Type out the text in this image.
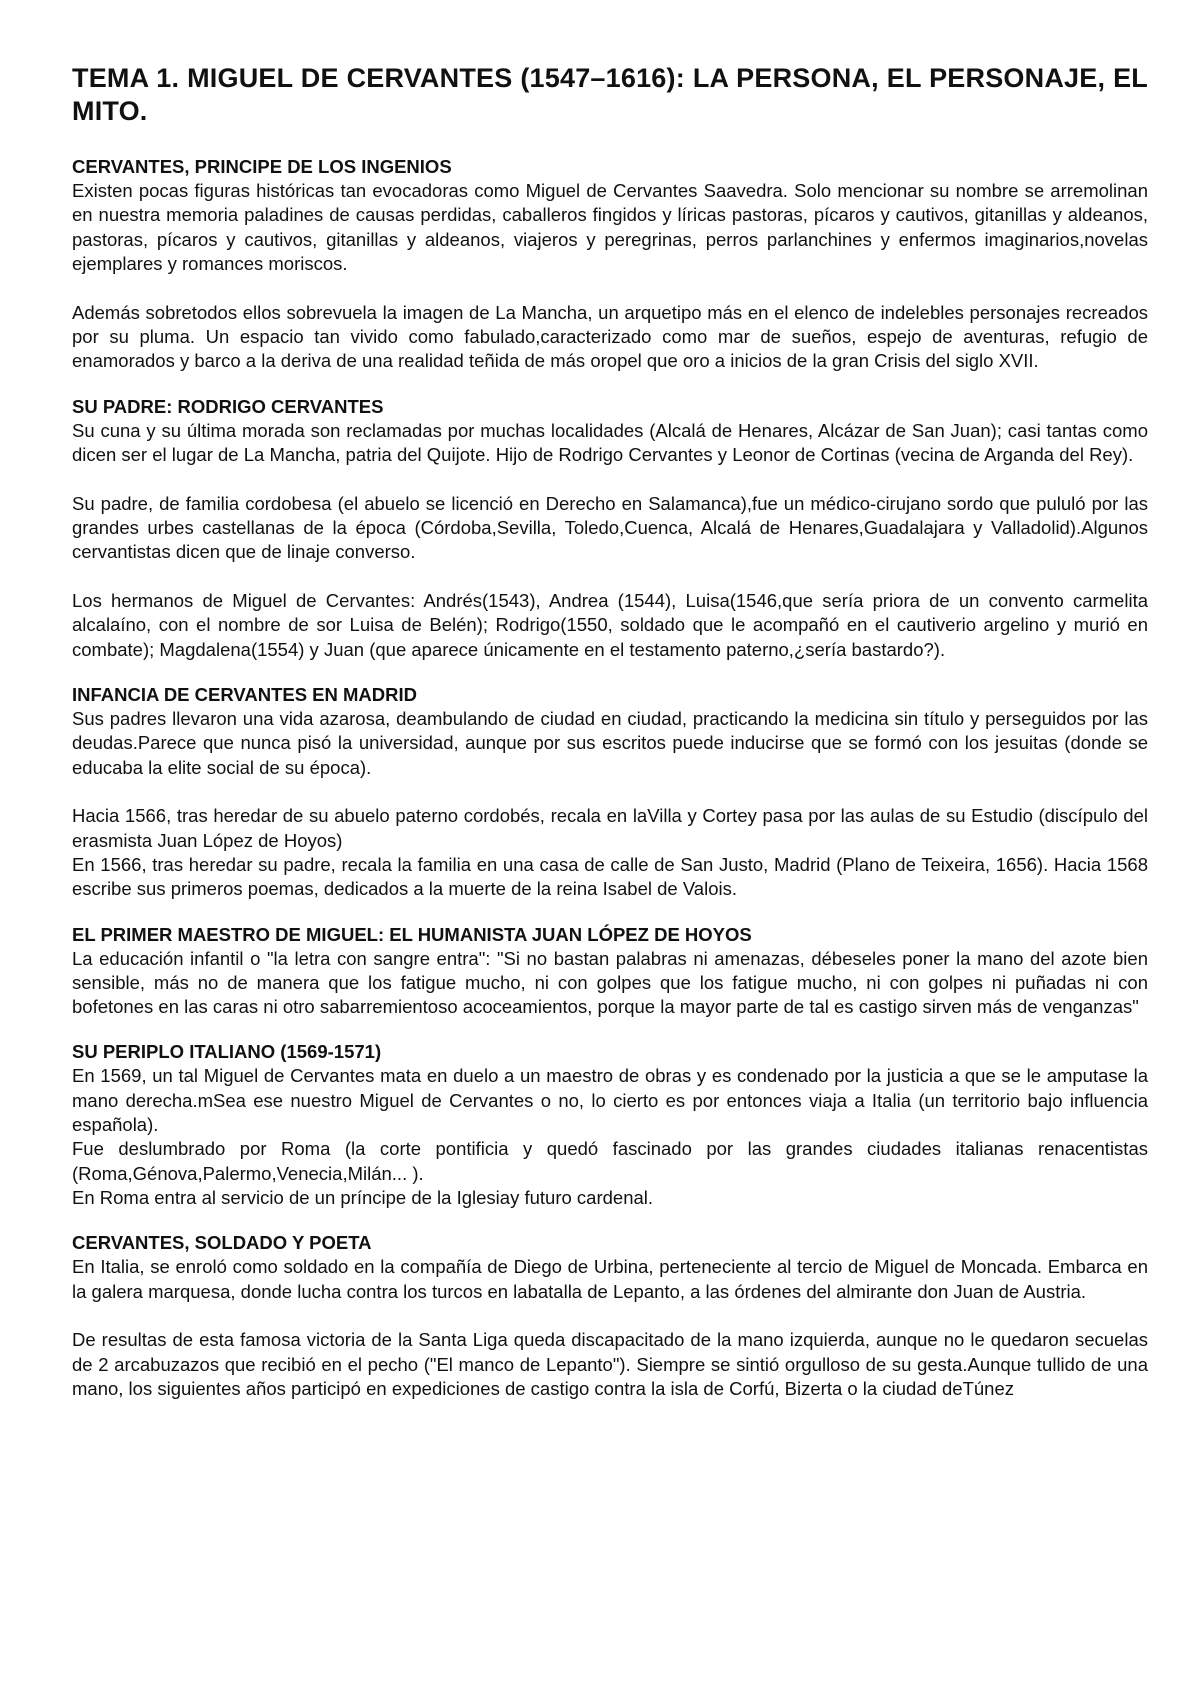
TEMA 1. MIGUEL DE CERVANTES (1547–1616): LA PERSONA, EL PERSONAJE, EL MITO.
CERVANTES, PRINCIPE DE LOS INGENIOS

Existen pocas figuras históricas tan evocadoras como Miguel de Cervantes Saavedra. Solo mencionar su nombre se arremolinan en nuestra memoria paladines de causas perdidas, caballeros fingidos y líricas pastoras, pícaros y cautivos, gitanillas y aldeanos, pastoras, pícaros y cautivos, gitanillas y aldeanos, viajeros y peregrinas, perros parlanchines y enfermos imaginarios,novelas ejemplares y romances moriscos.

Además sobretodos ellos sobrevuela la imagen de La Mancha, un arquetipo más en el elenco de indelebles personajes recreados por su pluma. Un espacio tan vivido como fabulado,caracterizado como mar de sueños, espejo de aventuras, refugio de enamorados y barco a la deriva de una realidad teñida de más oropel que oro a inicios de la gran Crisis del siglo XVII.

SU PADRE: RODRIGO CERVANTES

Su cuna y su última morada son reclamadas por muchas localidades (Alcalá de Henares, Alcázar de San Juan); casi tantas como dicen ser el lugar de La Mancha, patria del Quijote. Hijo de Rodrigo Cervantes y Leonor de Cortinas (vecina de Arganda del Rey).

Su padre, de familia cordobesa (el abuelo se licenció en Derecho en Salamanca),fue un médico-cirujano sordo que pululó por las grandes urbes castellanas de la época (Córdoba,Sevilla, Toledo,Cuenca, Alcalá de Henares,Guadalajara y Valladolid).Algunos cervantistas dicen que de linaje converso.

Los hermanos de Miguel de Cervantes: Andrés(1543), Andrea (1544), Luisa(1546,que sería priora de un convento carmelita alcalaíno, con el nombre de sor Luisa de Belén); Rodrigo(1550, soldado que le acompañó en el cautiverio argelino y murió en combate); Magdalena(1554) y Juan (que aparece únicamente en el testamento paterno,¿sería bastardo?).

INFANCIA DE CERVANTES EN MADRID

Sus padres llevaron una vida azarosa, deambulando de ciudad en ciudad, practicando la medicina sin título y perseguidos por las deudas.Parece que nunca pisó la universidad, aunque por sus escritos puede inducirse que se formó con los jesuitas (donde se educaba la elite social de su época).

Hacia 1566, tras heredar de su abuelo paterno cordobés, recala en laVilla y Cortey pasa por las aulas de su Estudio (discípulo del erasmista Juan López de Hoyos)

En 1566, tras heredar su padre, recala la familia en una casa de calle de San Justo, Madrid (Plano de Teixeira, 1656). Hacia 1568 escribe sus primeros poemas, dedicados a la muerte de la reina Isabel de Valois.

EL PRIMER MAESTRO DE MIGUEL: EL HUMANISTA JUAN LÓPEZ DE HOYOS

La educación infantil o "la letra con sangre entra": "Si no bastan palabras ni amenazas, débeseles poner la mano del azote bien sensible, más no de manera que los fatigue mucho, ni con golpes que los fatigue mucho, ni con golpes ni puñadas ni con bofetones en las caras ni otro sabarremientoso acoceamientos, porque la mayor parte de tal es castigo sirven más de venganzas"

SU PERIPLO ITALIANO (1569-1571)

En 1569, un tal Miguel de Cervantes mata en duelo a un maestro de obras y es condenado por la justicia a que se le amputase la mano derecha.mSea ese nuestro Miguel de Cervantes o no, lo cierto es por entonces viaja a Italia (un territorio bajo influencia española).

Fue deslumbrado por Roma (la corte pontificia y quedó fascinado por las grandes ciudades italianas renacentistas (Roma,Génova,Palermo,Venecia,Milán... ).

En Roma entra al servicio de un príncipe de la Iglesiay futuro cardenal.

CERVANTES, SOLDADO Y POETA

En Italia, se enroló como soldado en la compañía de Diego de Urbina, perteneciente al tercio de Miguel de Moncada. Embarca en la galera marquesa, donde lucha contra los turcos en labatalla de Lepanto, a las órdenes del almirante don Juan de Austria.

De resultas de esta famosa victoria de la Santa Liga queda discapacitado de la mano izquierda, aunque no le quedaron secuelas de 2 arcabuzazos que recibió en el pecho ("El manco de Lepanto"). Siempre se sintió orgulloso de su gesta.Aunque tullido de una mano, los siguientes años participó en expediciones de castigo contra la isla de Corfú, Bizerta o la ciudad deTúnez
